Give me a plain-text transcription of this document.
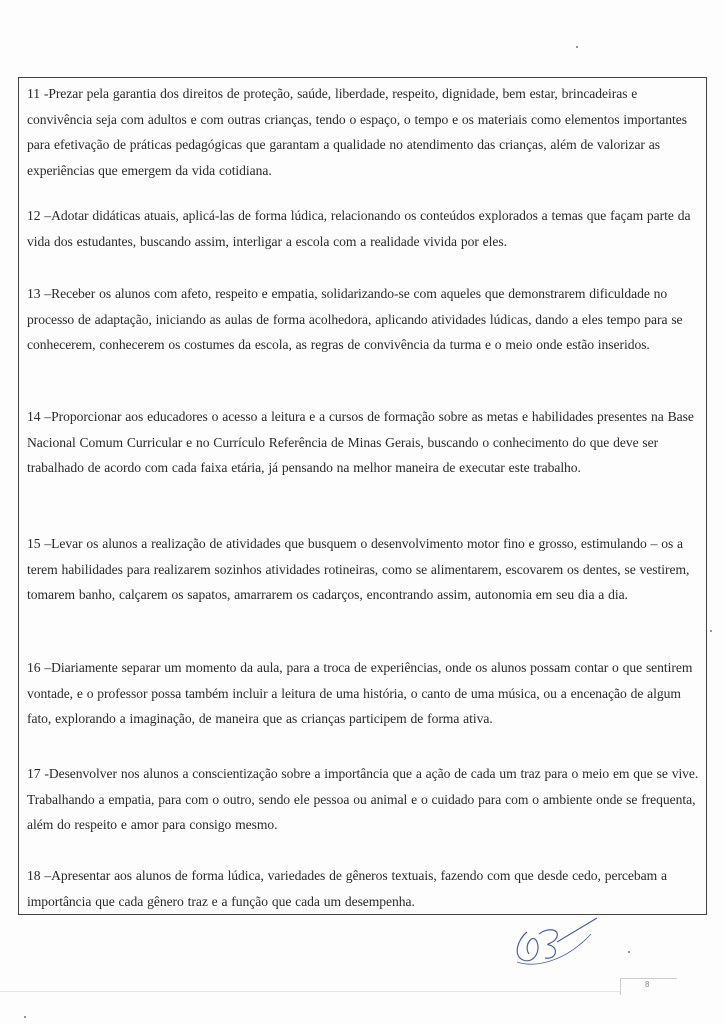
11 -Prezar pela garantia dos direitos de proteção, saúde, liberdade, respeito, dignidade, bem estar, brincadeiras e convivência seja com adultos e com outras crianças, tendo o espaço, o tempo e os materiais como elementos importantes para efetivação de práticas pedagógicas que garantam a qualidade no atendimento das crianças, além de valorizar as experiências que emergem da vida cotidiana.

12 –Adotar didáticas atuais, aplicá-las de forma lúdica, relacionando os conteúdos explorados a temas que façam parte da vida dos estudantes, buscando assim, interligar a escola com a realidade vivida por eles.

13 –Receber os alunos com afeto, respeito e empatia, solidarizando-se com aqueles que demonstrarem dificuldade no processo de adaptação, iniciando as aulas de forma acolhedora, aplicando atividades lúdicas, dando a eles tempo para se conhecerem, conhecerem os costumes da escola, as regras de convivência da turma e o meio onde estão inseridos.

14 –Proporcionar aos educadores o acesso a leitura e a cursos de formação sobre as metas e habilidades presentes na Base Nacional Comum Curricular e no Currículo Referência de Minas Gerais, buscando o conhecimento do que deve ser trabalhado de acordo com cada faixa etária, já pensando na melhor maneira de executar este trabalho.

15 –Levar os alunos a realização de atividades que busquem o desenvolvimento motor fino e grosso, estimulando – os a terem habilidades para realizarem sozinhos atividades rotineiras, como se alimentarem, escovarem os dentes, se vestirem, tomarem banho, calçarem os sapatos, amarrarem os cadarços, encontrando assim, autonomia em seu dia a dia.

16 –Diariamente separar um momento da aula, para a troca de experiências, onde os alunos possam contar o que sentirem vontade, e o professor possa também incluir a leitura de uma história, o canto de uma música, ou a encenação de algum fato, explorando a imaginação, de maneira que as crianças participem de forma ativa.

17 -Desenvolver nos alunos a conscientização sobre a importância que a ação de cada um traz para o meio em que se vive. Trabalhando a empatia, para com o outro, sendo ele pessoa ou animal e o cuidado para com o ambiente onde se frequenta, além do respeito e amor para consigo mesmo.

18 –Apresentar aos alunos de forma lúdica, variedades de gêneros textuais, fazendo com que desde cedo, percebam a importância que cada gênero traz e a função que cada um desempenha.

8
